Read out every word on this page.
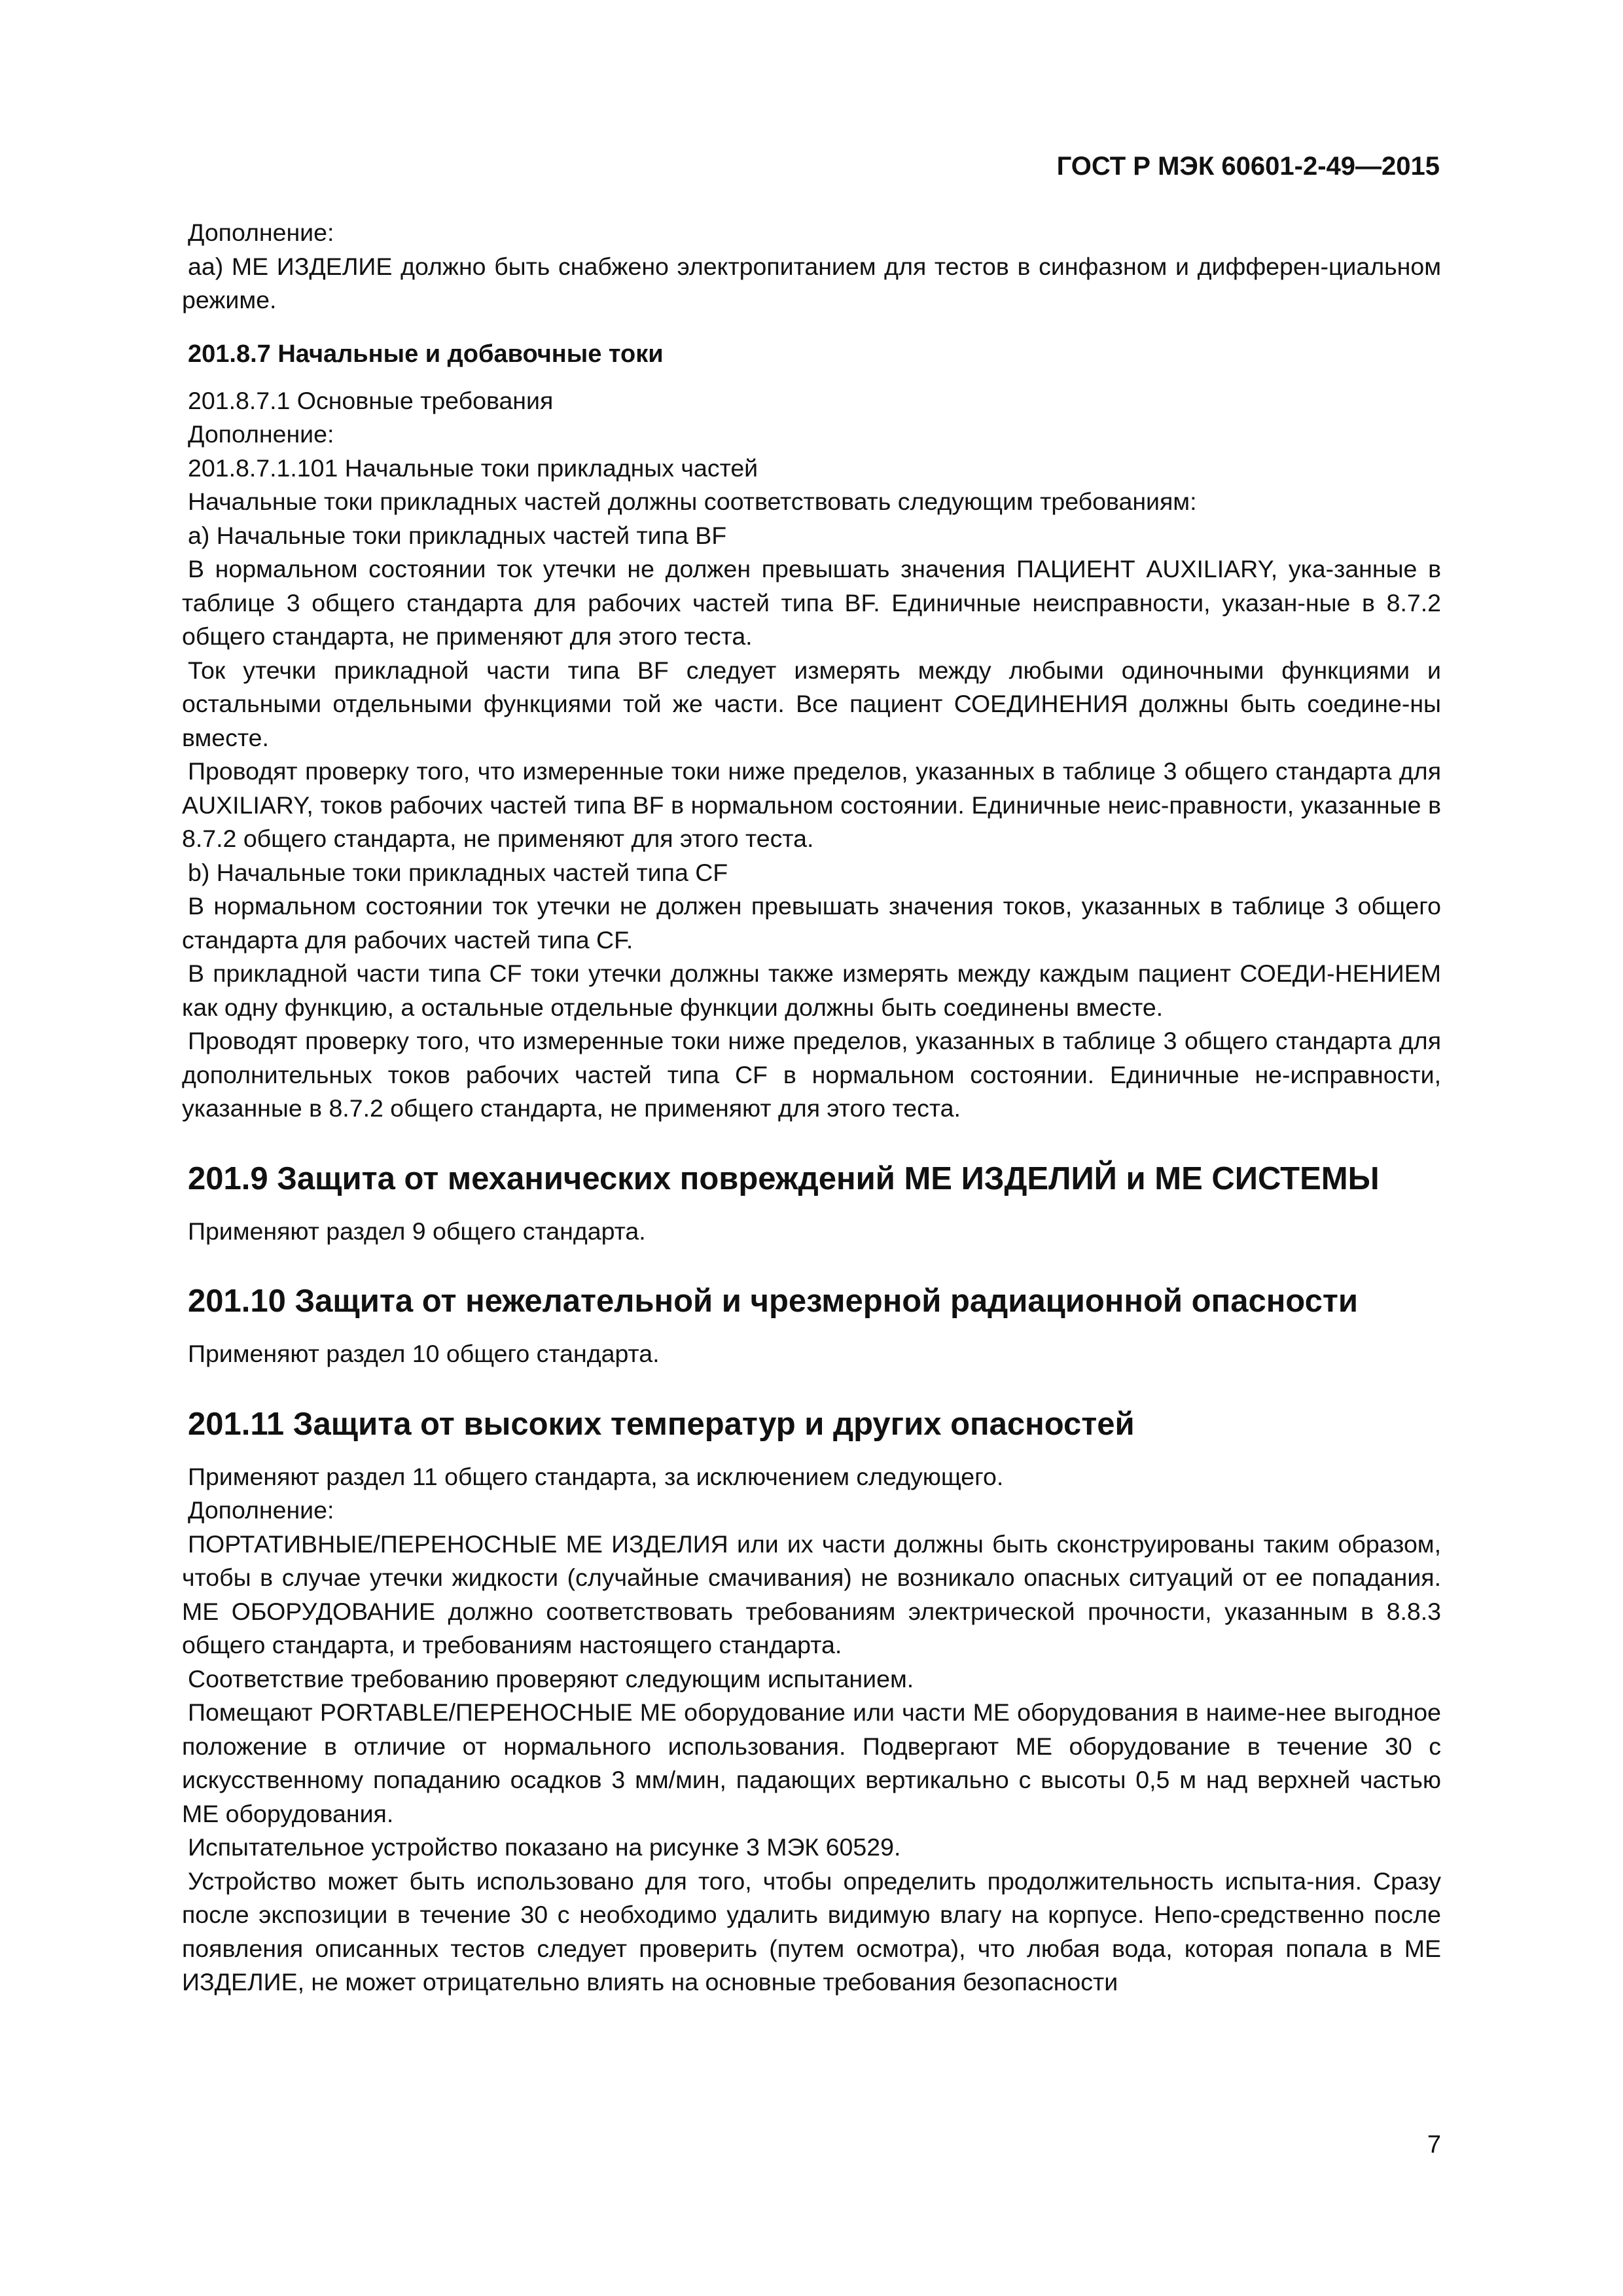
ГОСТ Р МЭК 60601-2-49—2015

Дополнение:

аа) МЕ ИЗДЕЛИЕ должно быть снабжено электропитанием для тестов в синфазном и дифферен-циальном режиме.

201.8.7 Начальные и добавочные токи

201.8.7.1 Основные требования

Дополнение:

201.8.7.1.101 Начальные токи прикладных частей

Начальные токи прикладных частей должны соответствовать следующим требованиям:

а) Начальные токи прикладных частей типа BF

В нормальном состоянии ток утечки не должен превышать значения ПАЦИЕНТ AUXILIARY, ука-занные в таблице 3 общего стандарта для рабочих частей типа BF. Единичные неисправности, указан-ные в 8.7.2 общего стандарта, не применяют для этого теста.

Ток утечки прикладной части типа BF следует измерять между любыми одиночными функциями и остальными отдельными функциями той же части. Все пациент СОЕДИНЕНИЯ должны быть соедине-ны вместе.

Проводят проверку того, что измеренные токи ниже пределов, указанных в таблице 3 общего стандарта для AUXILIARY, токов рабочих частей типа BF в нормальном состоянии. Единичные неис-правности, указанные в 8.7.2 общего стандарта, не применяют для этого теста.

b) Начальные токи прикладных частей типа CF

В нормальном состоянии ток утечки не должен превышать значения токов, указанных в таблице 3 общего стандарта для рабочих частей типа CF.

В прикладной части типа CF токи утечки должны также измерять между каждым пациент СОЕДИ-НЕНИЕМ как одну функцию, а остальные отдельные функции должны быть соединены вместе.

Проводят проверку того, что измеренные токи ниже пределов, указанных в таблице 3 общего стандарта для дополнительных токов рабочих частей типа CF в нормальном состоянии. Единичные не-исправности, указанные в 8.7.2 общего стандарта, не применяют для этого теста.

201.9 Защита от механических повреждений МЕ ИЗДЕЛИЙ и МЕ СИСТЕМЫ

Применяют раздел 9 общего стандарта.

201.10 Защита от нежелательной и чрезмерной радиационной опасности

Применяют раздел 10 общего стандарта.

201.11 Защита от высоких температур и других опасностей

Применяют раздел 11 общего стандарта, за исключением следующего.

Дополнение:

ПОРТАТИВНЫЕ/ПЕРЕНОСНЫЕ МЕ ИЗДЕЛИЯ или их части должны быть сконструированы таким образом, чтобы в случае утечки жидкости (случайные смачивания) не возникало опасных ситуаций от ее попадания. МЕ ОБОРУДОВАНИЕ должно соответствовать требованиям электрической прочности, указанным в 8.8.3 общего стандарта, и требованиям настоящего стандарта.

Соответствие требованию проверяют следующим испытанием.

Помещают PORTABLE/ПЕРЕНОСНЫЕ МЕ оборудование или части МЕ оборудования в наиме-нее выгодное положение в отличие от нормального использования. Подвергают МЕ оборудование в течение 30 с искусственному попаданию осадков 3 мм/мин, падающих вертикально с высоты 0,5 м над верхней частью МЕ оборудования.

Испытательное устройство показано на рисунке 3 МЭК 60529.

Устройство может быть использовано для того, чтобы определить продолжительность испыта-ния. Сразу после экспозиции в течение 30 с необходимо удалить видимую влагу на корпусе. Непо-средственно после появления описанных тестов следует проверить (путем осмотра), что любая вода, которая попала в МЕ ИЗДЕЛИЕ, не может отрицательно влиять на основные требования безопасности

7
